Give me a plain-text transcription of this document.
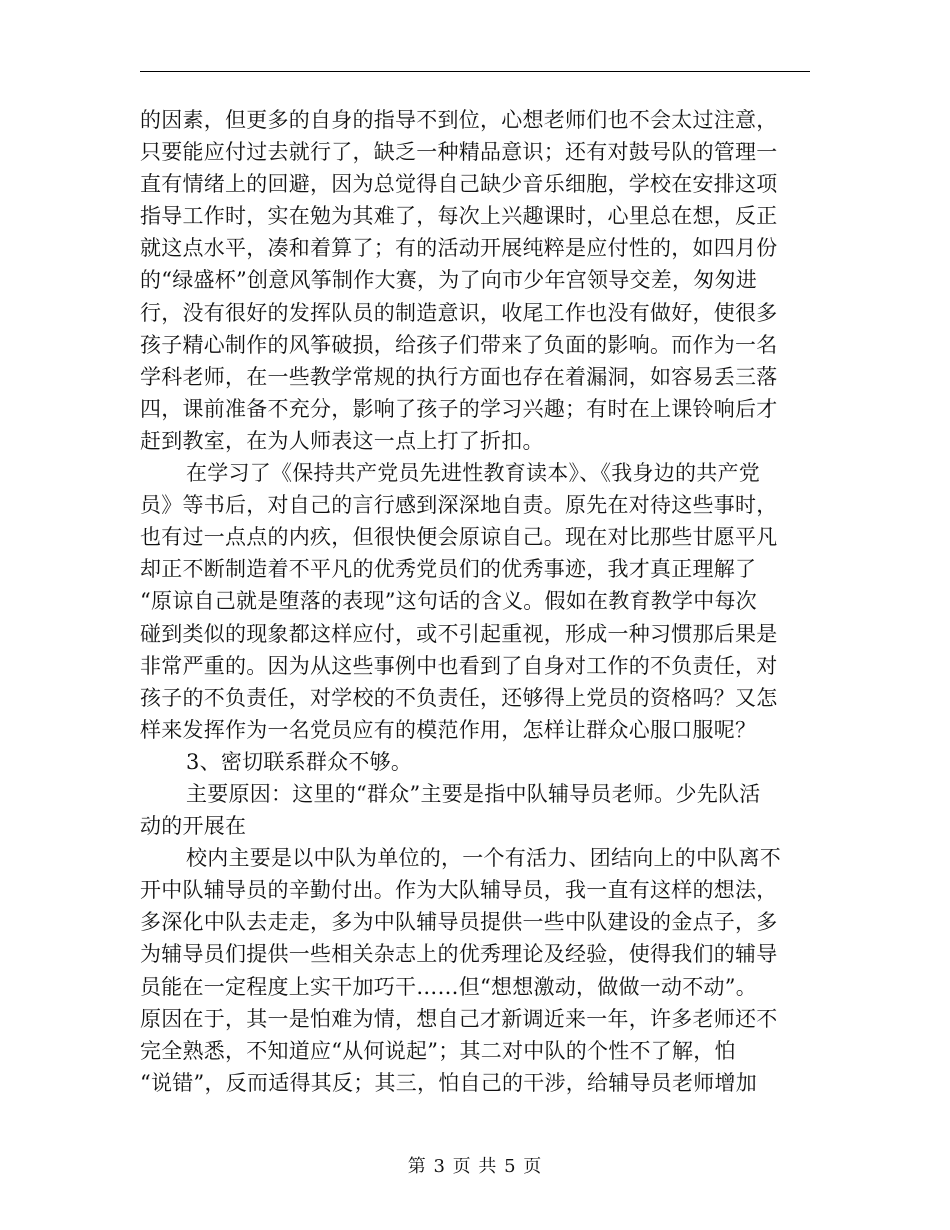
的因素，但更多的自身的指导不到位，心想老师们也不会太过注意，
只要能应付过去就行了，缺乏一种精品意识；还有对鼓号队的管理一
直有情绪上的回避，因为总觉得自己缺少音乐细胞，学校在安排这项
指导工作时，实在勉为其难了，每次上兴趣课时，心里总在想，反正
就这点水平，凑和着算了；有的活动开展纯粹是应付性的，如四月份
的“绿盛杯”创意风筝制作大赛，为了向市少年宫领导交差，匆匆进
行，没有很好的发挥队员的制造意识，收尾工作也没有做好，使很多
孩子精心制作的风筝破损，给孩子们带来了负面的影响。而作为一名
学科老师，在一些教学常规的执行方面也存在着漏洞，如容易丢三落
四，课前准备不充分，影响了孩子的学习兴趣；有时在上课铃响后才
赶到教室，在为人师表这一点上打了折扣。
在学习了《保持共产党员先进性教育读本》、《我身边的共产党
员》等书后，对自己的言行感到深深地自责。原先在对待这些事时，
也有过一点点的内疚，但很快便会原谅自己。现在对比那些甘愿平凡
却正不断制造着不平凡的优秀党员们的优秀事迹，我才真正理解了
“原谅自己就是堕落的表现”这句话的含义。假如在教育教学中每次
碰到类似的现象都这样应付，或不引起重视，形成一种习惯那后果是
非常严重的。因为从这些事例中也看到了自身对工作的不负责任，对
孩子的不负责任，对学校的不负责任，还够得上党员的资格吗？又怎
样来发挥作为一名党员应有的模范作用，怎样让群众心服口服呢？
3、密切联系群众不够。
主要原因：这里的“群众”主要是指中队辅导员老师。少先队活
动的开展在
校内主要是以中队为单位的，一个有活力、团结向上的中队离不
开中队辅导员的辛勤付出。作为大队辅导员，我一直有这样的想法，
多深化中队去走走，多为中队辅导员提供一些中队建设的金点子，多
为辅导员们提供一些相关杂志上的优秀理论及经验，使得我们的辅导
员能在一定程度上实干加巧干……但“想想激动，做做一动不动”。
原因在于，其一是怕难为情，想自己才新调近来一年，许多老师还不
完全熟悉，不知道应“从何说起”；其二对中队的个性不了解，怕
“说错”，反而适得其反；其三，怕自己的干涉，给辅导员老师增加
第 3 页 共 5 页
